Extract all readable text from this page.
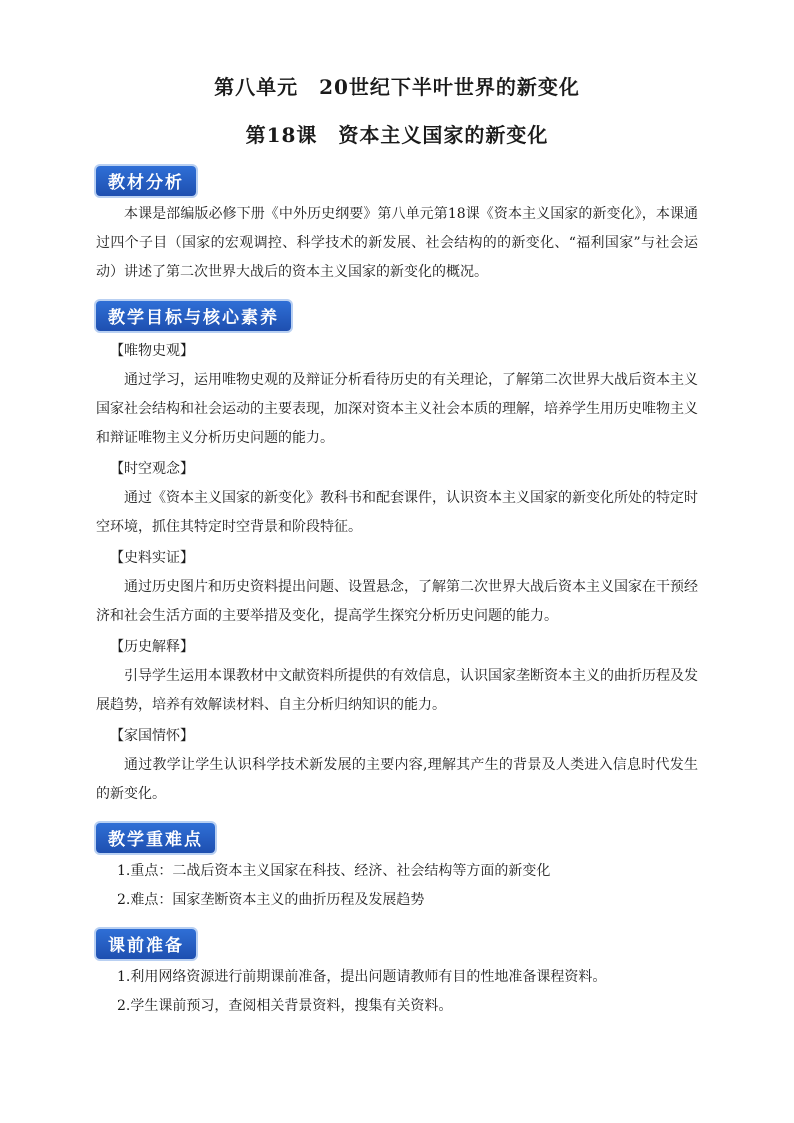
第八单元　20世纪下半叶世界的新变化
第18课　资本主义国家的新变化
教材分析

本课是部编版必修下册《中外历史纲要》第八单元第18课《资本主义国家的新变化》，本课通过四个子目（国家的宏观调控、科学技术的新发展、社会结构的的新变化、“福利国家”与社会运动）讲述了第二次世界大战后的资本主义国家的新变化的概况。

教学目标与核心素养

【唯物史观】

通过学习，运用唯物史观的及辩证分析看待历史的有关理论，了解第二次世界大战后资本主义国家社会结构和社会运动的主要表现，加深对资本主义社会本质的理解，培养学生用历史唯物主义和辩证唯物主义分析历史问题的能力。

【时空观念】

通过《资本主义国家的新变化》教科书和配套课件，认识资本主义国家的新变化所处的特定时空环境，抓住其特定时空背景和阶段特征。

【史料实证】

通过历史图片和历史资料提出问题、设置悬念，了解第二次世界大战后资本主义国家在干预经济和社会生活方面的主要举措及变化，提高学生探究分析历史问题的能力。

【历史解释】

引导学生运用本课教材中文献资料所提供的有效信息，认识国家垄断资本主义的曲折历程及发展趋势，培养有效解读材料、自主分析归纳知识的能力。

【家国情怀】

通过教学让学生认识科学技术新发展的主要内容,理解其产生的背景及人类进入信息时代发生的新变化。

教学重难点

1.重点：二战后资本主义国家在科技、经济、社会结构等方面的新变化

2.难点：国家垄断资本主义的曲折历程及发展趋势

课前准备

1.利用网络资源进行前期课前准备，提出问题请教师有目的性地准备课程资料。

2.学生课前预习，查阅相关背景资料，搜集有关资料。
